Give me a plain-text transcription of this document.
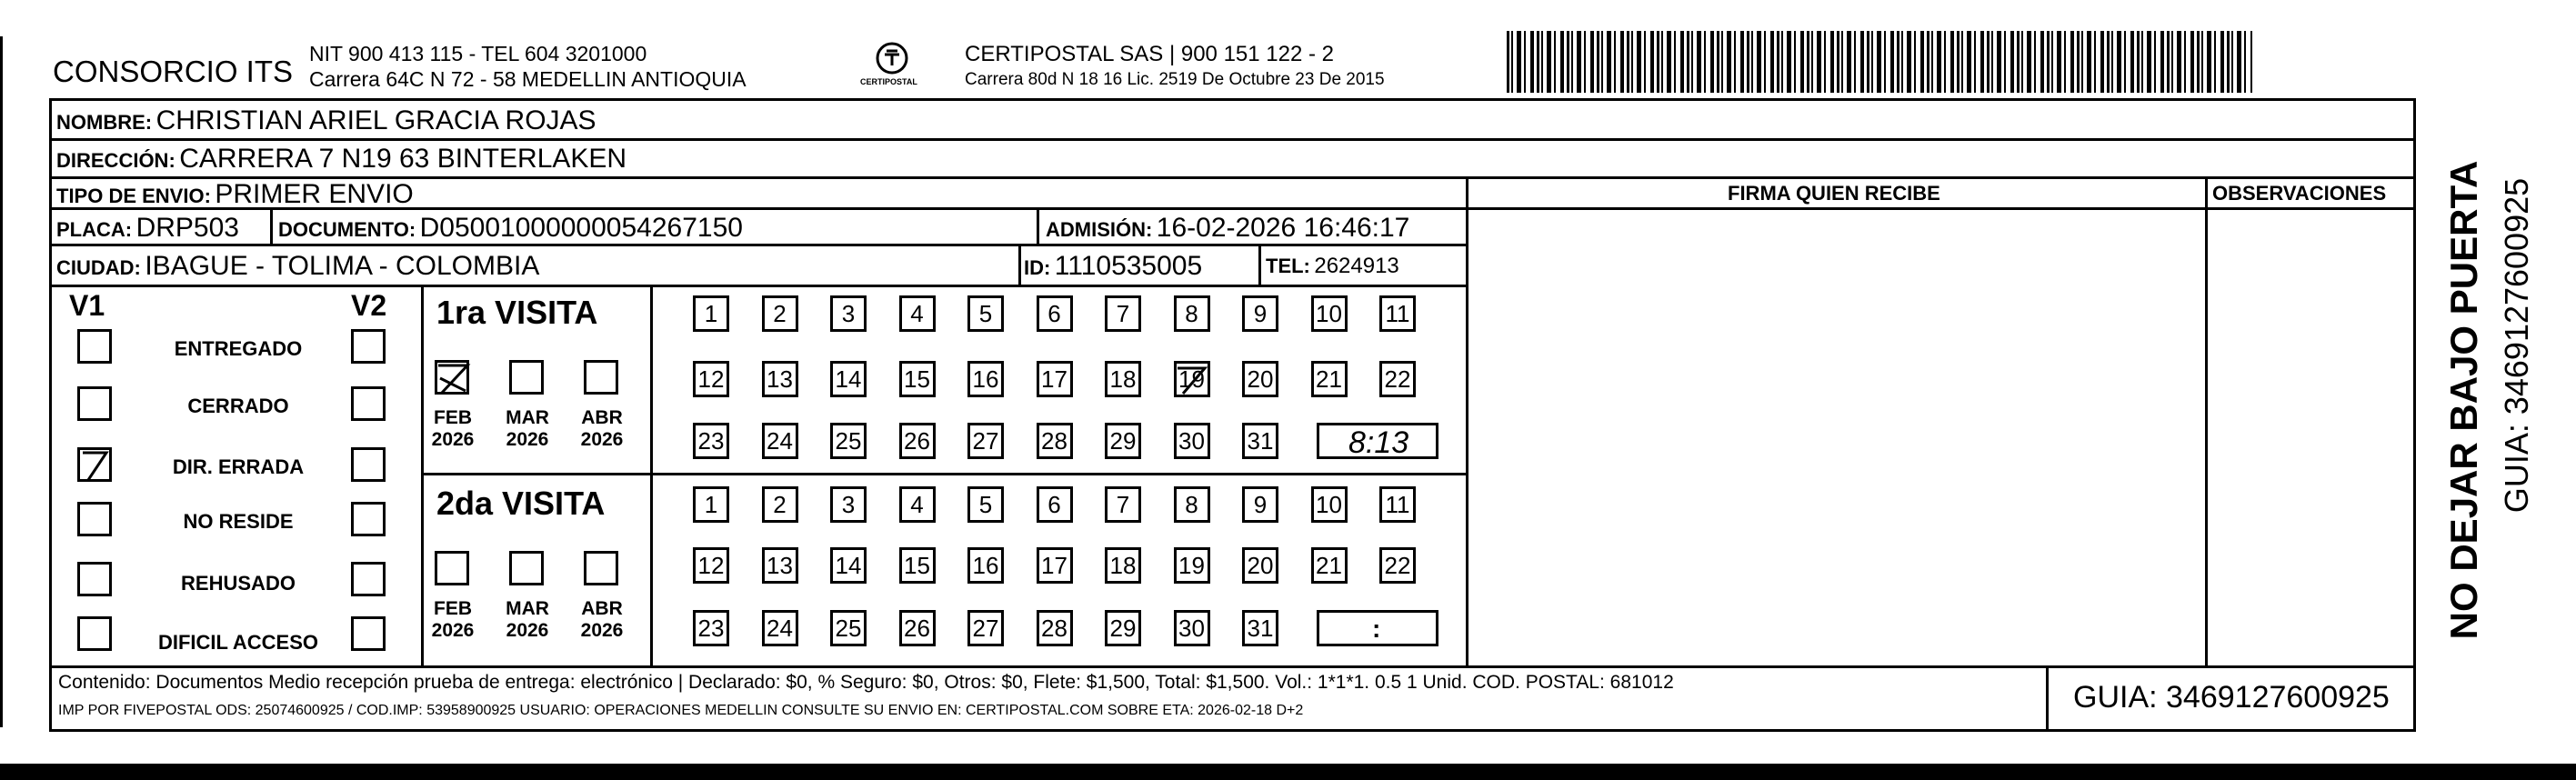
CONSORCIO ITS
NIT 900 413 115 - TEL 604 3201000
Carrera 64C N 72 - 58 MEDELLIN ANTIOQUIA	CERTIPOSTAL
CERTIPOSTAL SAS | 900 151 122 - 2
Carrera 80d N 18 16 Lic. 2519 De Octubre 23 De 2015
NOMBRE: CHRISTIAN ARIEL GRACIA ROJAS
DIRECCIÓN: CARRERA 7 N19 63 BINTERLAKEN
TIPO DE ENVIO: PRIMER ENVIO
PLACA: DRP503 DOCUMENTO: D05001000000054267150	ADMISIÓN: 16-02-2026 16:46:17
CIUDAD: IBAGUE - TOLIMA - COLOMBIA	ID: 1110535005	TEL: 2624913
FIRMA QUIEN RECIBE	OBSERVACIONES
V1	V2
ENTREGADO
CERRADO
DIR. ERRADA
NO RESIDE
REHUSADO
DIFICIL ACCESO
1ra VISITA
FEB
2026
MAR
2026
ABR
2026
1	2	3	4	5	6	7	8	9	10 11
12 13 14 15 16 17 18 19 20 21 22
23 24 25 26 27 28 29 30 31 8:13
2da VISITA
FEB
2026
MAR
2026
ABR
2026
1	2	3	4	5	6	7	8	9	10 11
12 13 14 15 16 17 18 19 20 21 22
23 24 25 26 27 28 29 30 31	:
Contenido: Documentos Medio recepción prueba de entrega: electrónico | Declarado: $0, % Seguro: $0, Otros: $0, Flete: $1,500, Total: $1,500. Vol.: 1*1*1. 0.5 1 Unid. COD. POSTAL: 681012
IMP POR FIVEPOSTAL ODS: 25074600925 / COD.IMP: 53958900925 USUARIO: OPERACIONES MEDELLIN CONSULTE SU ENVIO EN: CERTIPOSTAL.COM SOBRE ETA: 2026-02-18 D+2	GUIA: 3469127600925
NO DEJAR BAJO PUERTA GUIA: 3469127600925
